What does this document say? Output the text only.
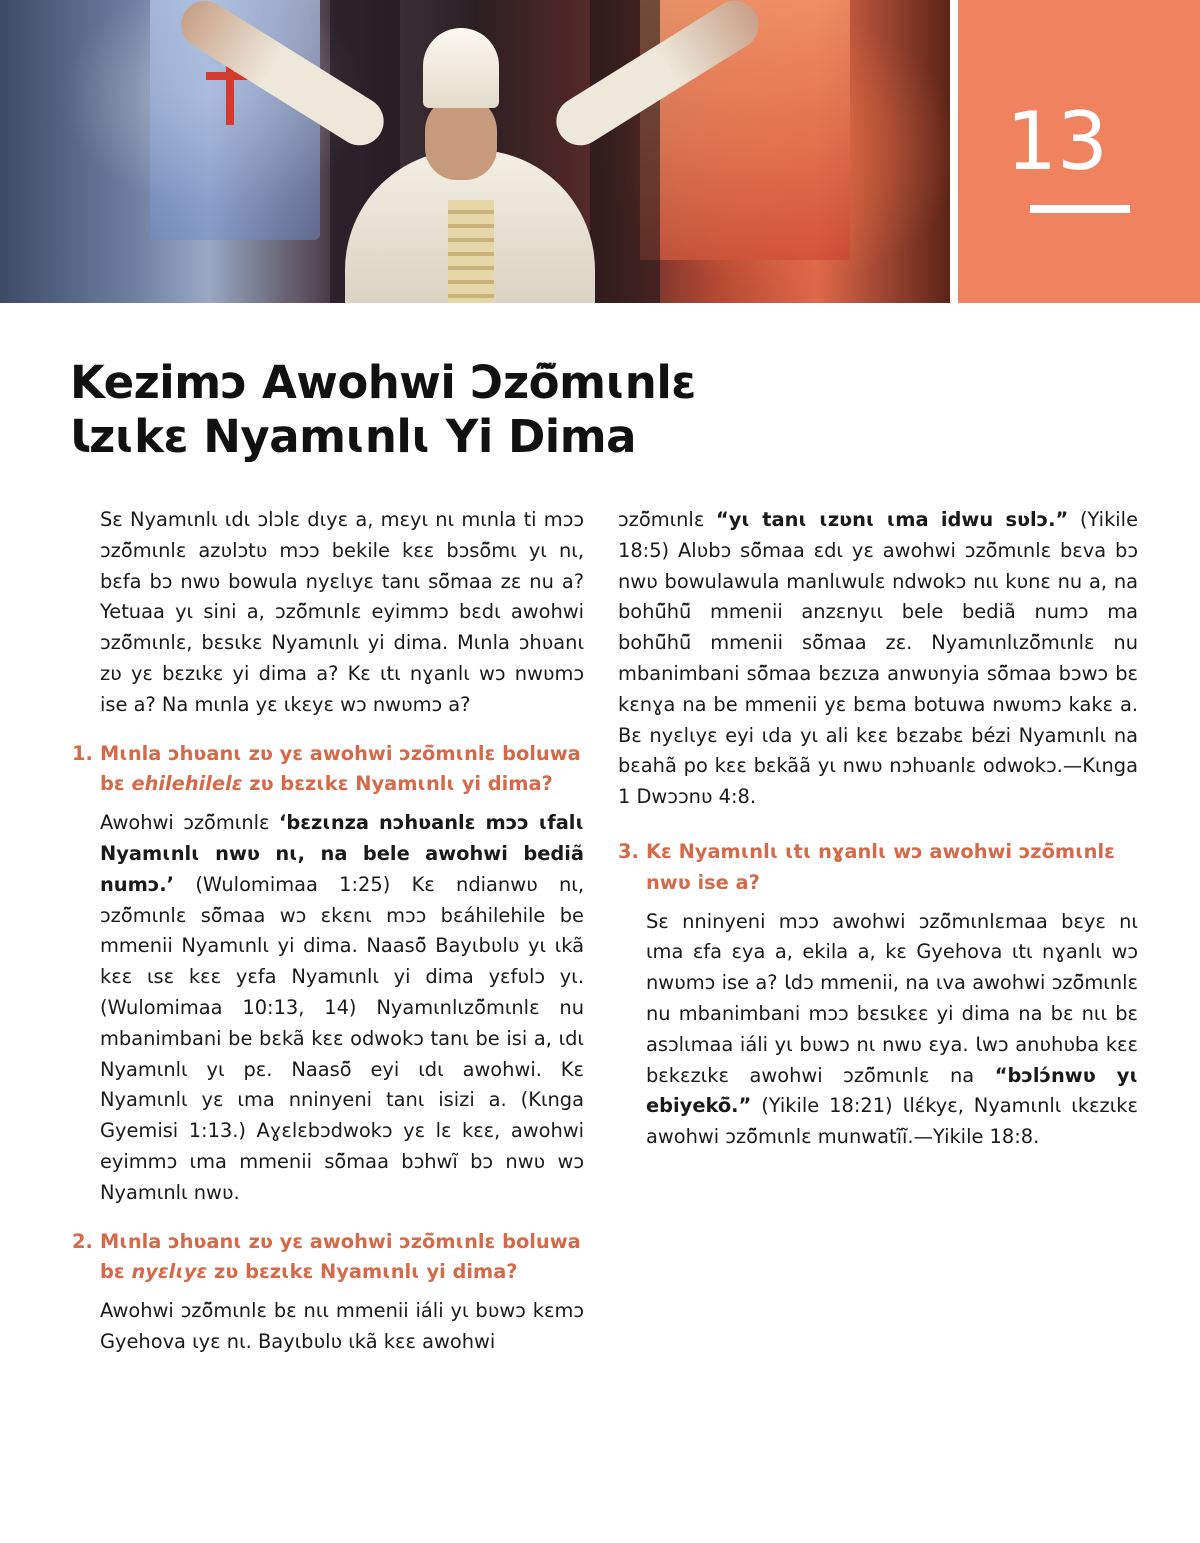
13
Kezimɔ Awohwi Ɔzõ̃mɩnlɛ
Ɩzɩkɛ Nyamɩnlɩ Yi Dima

Sɛ Nyamɩnlɩ ɩdɩ ɔlɔlɛ dɩyɛ a, mɛyɩ nɩ mɩnla ti mɔɔ ɔzõ̃mɩnlɛ azʋlɔtʋ mɔɔ bekile kɛɛ bɔsõ̃mɩ yɩ nɩ, bɛfa bɔ nwʋ bowula nyɛlɩyɛ tanɩ sõ̃maa zɛ nu a? Yetuaa yɩ sini a, ɔzõ̃mɩnlɛ eyimmɔ bɛdɩ awohwi ɔzõ̃mɩnlɛ, bɛsɩkɛ Nyamɩnlɩ yi dima. Mɩnla ɔhʋanɩ zʋ yɛ bɛzɩkɛ yi dima a? Kɛ ɩtɩ nɣanlɩ wɔ nwʋmɔ ise a? Na mɩnla yɛ ɩkɛyɛ wɔ nwʋmɔ a?

1. Mɩnla ɔhʋanɩ zʋ yɛ awohwi ɔzõ̃mɩnlɛ boluwa bɛ ehilehilelɛ zʋ bɛzɩkɛ Nyamɩnlɩ yi dima?

Awohwi ɔzõ̃mɩnlɛ ‘bɛzɩnza nɔhʋanlɛ mɔɔ ɩfalɩ Nyamɩnlɩ nwʋ nɩ, na bele awohwi bediã numɔ.’ (Wulomimaa 1:25) Kɛ ndianwʋ nɩ, ɔzõ̃mɩnlɛ sõ̃maa wɔ ɛkɛnɩ mɔɔ bɛáhilehile be mmenii Nyamɩnlɩ yi dima. Naasõ̃ Bayɩbʋlʋ yɩ ɩkã kɛɛ ɩsɛ kɛɛ yɛfa Nyamɩnlɩ yi dima yɛfʋlɔ yɩ. (Wulomimaa 10:13, 14) Nyamɩnlɩzõ̃mɩnlɛ nu mbanimbani be bɛkã kɛɛ odwokɔ tanɩ be isi a, ɩdɩ Nyamɩnlɩ yɩ pɛ. Naasõ̃ eyi ɩdɩ awohwi. Kɛ Nyamɩnlɩ yɛ ɩma nninyeni tanɩ isizi a. (Kɩnga Gyemisi 1:13.) Aɣɛlɛbɔdwokɔ yɛ lɛ kɛɛ, awohwi eyimmɔ ɩma mmenii sõ̃maa bɔhwĩ bɔ nwʋ wɔ Nyamɩnlɩ nwʋ.

2. Mɩnla ɔhʋanɩ zʋ yɛ awohwi ɔzõ̃mɩnlɛ boluwa bɛ nyɛlɩyɛ zʋ bɛzɩkɛ Nyamɩnlɩ yi dima?

Awohwi ɔzõ̃mɩnlɛ bɛ nɩɩ mmenii iáli yɩ bʋwɔ kɛmɔ Gyehova ɩyɛ nɩ. Bayɩbʋlʋ ɩkã kɛɛ awohwi

ɔzõ̃mɩnlɛ “yɩ tanɩ ɩzʋnɩ ɩma idwu sʋlɔ.” (Yikile 18:5) Alʋbɔ sõ̃maa ɛdɩ yɛ awohwi ɔzõ̃mɩnlɛ bɛva bɔ nwʋ bowulawula manlɩwulɛ ndwokɔ nɩɩ kʋnɛ nu a, na bohũ̃hũ̃ mmenii anzɛnyɩɩ bele bediã numɔ ma bohũ̃hũ̃ mmenii sõ̃maa zɛ. Nyamɩnlɩzõ̃mɩnlɛ nu mbanimbani sõ̃maa bɛzɩza anwʋnyia sõ̃maa bɔwɔ bɛ kɛnɣa na be mmenii yɛ bɛma botuwa nwʋmɔ kakɛ a. Bɛ nyɛlɩyɛ eyi ɩda yɩ ali kɛɛ bɛzabɛ bézi Nyamɩnlɩ na bɛahã po kɛɛ bɛkãã yɩ nwʋ nɔhʋanlɛ odwokɔ.—Kɩnga 1 Dwɔɔnʋ 4:8.

3. Kɛ Nyamɩnlɩ ɩtɩ nɣanlɩ wɔ awohwi ɔzõ̃mɩnlɛ nwʋ ise a?

Sɛ nninyeni mɔɔ awohwi ɔzõ̃mɩnlɛmaa bɛyɛ nɩ ɩma ɛfa ɛya a, ekila a, kɛ Gyehova ɩtɩ nɣanlɩ wɔ nwʋmɔ ise a? Ɩdɔ mmenii, na ɩva awohwi ɔzõ̃mɩnlɛ nu mbanimbani mɔɔ bɛsɩkɛɛ yi dima na bɛ nɩɩ bɛ asɔlɩmaa iáli yɩ bʋwɔ nɩ nwʋ ɛya. Ɩwɔ anʋhʋba kɛɛ bɛkɛzɩkɛ awohwi ɔzõ̃mɩnlɛ na “bɔlɔ́nwʋ yɩ ebiyekõ̃.” (Yikile 18:21) Ɩlɛ́kyɛ, Nyamɩnlɩ ɩkɛzɩkɛ awohwi ɔzõ̃mɩnlɛ munwatĩĩ.—Yikile 18:8.
